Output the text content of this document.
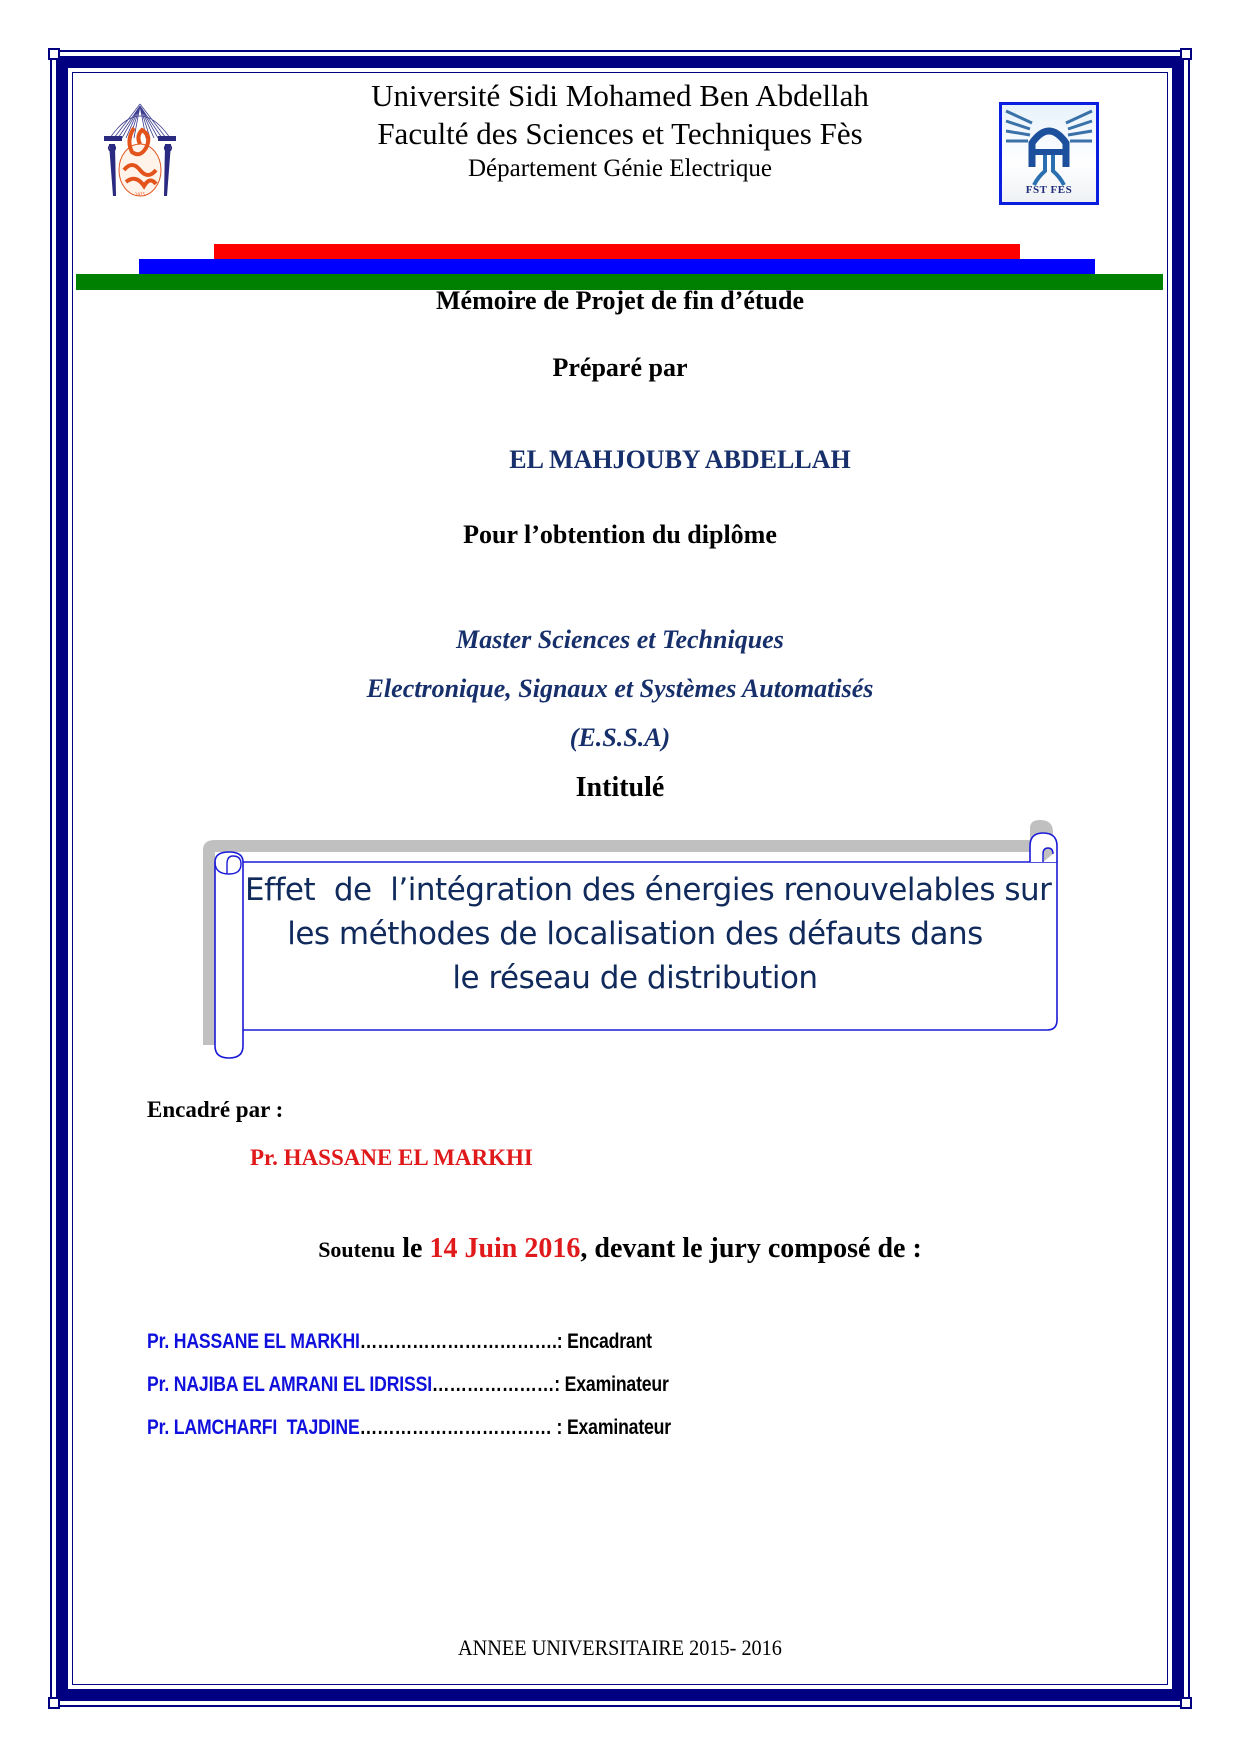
1975	FST FES
Université Sidi Mohamed Ben Abdellah
Faculté des Sciences et Techniques Fès
Département Génie Electrique
Mémoire de Projet de fin d’étude
Préparé par
EL MAHJOUBY ABDELLAH
Pour l’obtention du diplôme
Master Sciences et Techniques
Electronique, Signaux et Systèmes Automatisés
(E.S.S.A)
Intitulé
Effet  de  l’intégration des énergies renouvelables sur
les méthodes de localisation des défauts dans
le réseau de distribution
Encadré par :
Pr. HASSANE EL MARKHI
Soutenu le 14 Juin 2016, devant le jury composé de :
Pr. HASSANE EL MARKHI…………………………….: Encadrant
Pr. NAJIBA EL AMRANI EL IDRISSI…………………: Examinateur
Pr. LAMCHARFI  TAJDINE…………………………… : Examinateur
ANNEE UNIVERSITAIRE 2015- 2016
